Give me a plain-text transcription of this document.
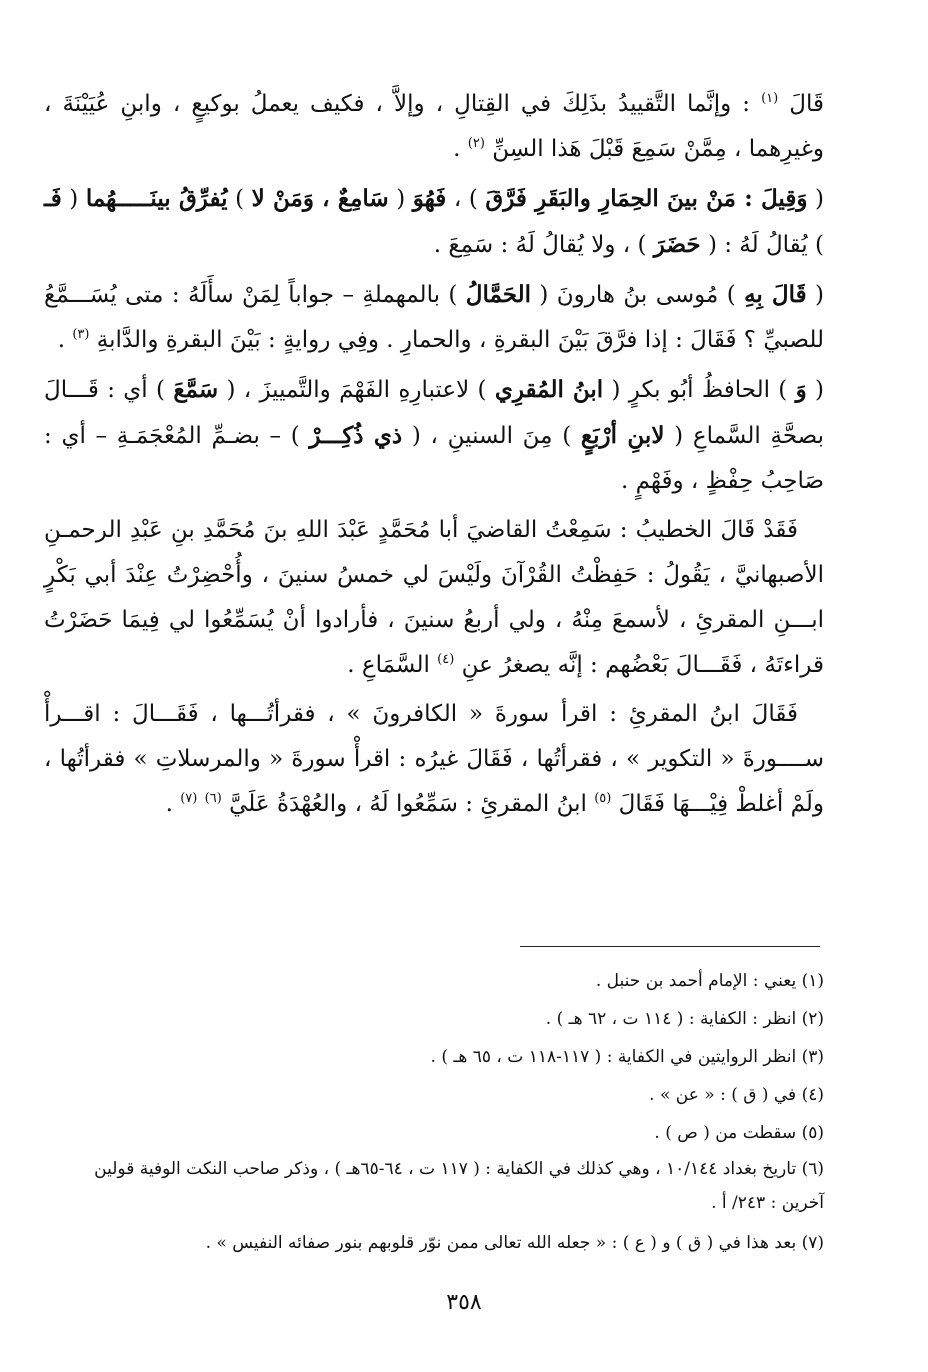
قَالَ $^{(١)}$ : وإنَّما التَّقييدُ بذَلِكَ في القِتالِ ، وإلاَّ ، فكيف يعملُ بوكيعٍ ، وابنِ عُيَيْنَةَ ، وغيرِهما ، مِمَّنْ سَمِعَ قَبْلَ هَذا السِنِّ $^{(٢)}$ .

( وَقِيلَ : مَنْ بينَ الحِمَارِ والبَقَرِ فَرَّقَ ) ، فَهُوَ ( سَامِعٌ ، وَمَنْ لا ) يُفرِّقُ بينَـــــهُما ( فَـ ) يُقالُ لَهُ : ( حَضَرَ ) ، ولا يُقالُ لَهُ : سَمِعَ .

( قَالَ بِهِ ) مُوسى بنُ هارونَ ( الحَمَّالُ ) بالمهملةِ – جواباً لِمَنْ سأَلَهُ : متى يُسَـــمَّعُ للصبيِّ ؟ فَقَالَ : إذا فرَّقَ بَيْنَ البقرةِ ، والحمارِ . وفِي روايةٍ : بَيْنَ البقرةِ والدَّابةِ $^{(٣)}$ .

( وَ ) الحافظُ أبُو بكرٍ ( ابنُ المُقرِي ) لاعتبارِهِ الفَهْمَ والتَّمييزَ ، ( سَمَّعَ ) أي : قَـــالَ بصحَّةِ السَّماعِ ( لابنِ أرْبَعٍ ) مِنَ السنينِ ، ( ذي ذُكِـــرْ ) – بضـمِّ المُعْجَمَـةِ – أي : صَاحِبُ حِفْظٍ ، وفَهْمٍ .

فَقَدْ قَالَ الخطيبُ : سَمِعْتُ القاضيَ أبا مُحَمَّدٍ عَبْدَ اللهِ بنَ مُحَمَّدِ بنِ عَبْدِ الرحمـنِ الأصبهانيَّ ، يَقُولُ : حَفِظْتُ القُرْآنَ ولَيْسَ لي خمسُ سنينَ ، وأُحْضِرْتُ عِنْدَ أبي بَكْرٍ ابـــنِ المقرئِ ، لأسمعَ مِنْهُ ، ولي أربعُ سنينَ ، فأرادوا أنْ يُسَمِّعُوا لي فِيمَا حَضَرْتُ قراءتَهُ ، فَقَـــالَ بَعْضُهم : إنَّه يصغرُ عنِ $^{(٤)}$ السَّمَاعِ .

فَقَالَ ابنُ المقرئِ : اقرأ سورةَ « الكافرونَ » ، فقرأتُـــها ، فَقَـــالَ : اقـــرأْ ســــورةَ « التكوير » ، فقرأتُها ، فَقَالَ غيرُه : اقرأْ سورةَ « والمرسلاتِ » فقرأتُها ، ولَمْ أغلطْ فِيْـــهَا فَقَالَ $^{(٥)}$ ابنُ المقرئِ : سَمِّعُوا لَهُ ، والعُهْدَةُ عَلَيَّ $^{(٦)}$ $^{(٧)}$ .

(١) يعني : الإمام أحمد بن حنبل .
(٢) انظر : الكفاية : ( ١١٤ ت ، ٦٢ هـ ) .
(٣) انظر الروايتين في الكفاية : ( ١١٧-١١٨ ت ، ٦٥ هـ ) .
(٤) في ( ق ) : « عن » .
(٥) سقطت من ( ص ) .
(٦) تاريخ بغداد ١٠/١٤٤ ، وهي كذلك في الكفاية : ( ١١٧ ت ، ٦٤-٦٥هـ ) ، وذكر صاحب النكت الوفية قولين آخرين : ٢٤٣/ أ .
(٧) بعد هذا في ( ق ) و ( ع ) : « جعله الله تعالى ممن نوّر قلوبهم بنور صفائه النفيس » .
٣٥٨
